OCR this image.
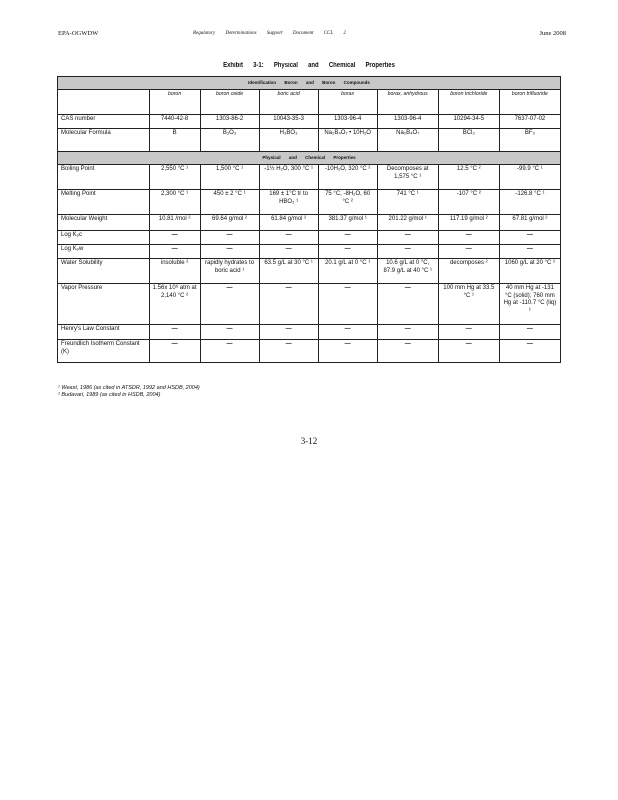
EPA-OGWDW	Regulatory Determinations Support Document CCL 2	June 2008
Exhibit 3-1: Physical and Chemical Properties
Identification Boron and Boron Compounds							
	boron	boron oxide	boric acid	borax	borax, anhydrous	boron trichloride	boron trifluoride
CAS number	7440-42-8	1303-86-2	10043-35-3	1303-96-4	1303-96-4	10294-34-5	7637-07-02
Molecular Formula	B	B₂O₃	H₃BO₃	Na₂B₄O₇ • 10H₂O	Na₂B₄O₇	BCl₃	BF₃
Physical and Chemical Properties							
Boiling Point	2,550 °C ¹	1,500 °C ¹	-1½ H₂O, 300 °C ¹	-10H₂O, 320 °C ²	Decomposes at 1,575 °C ¹	12.5 °C ²	-99.9 °C ¹
Melting Point	2,300 °C ¹	450 ± 2 °C ¹	169 ± 1°C tr to HBO₂ ¹	75 °C, -8H₂O, 60 °C ²	741 °C ¹	-107 °C ²	-126.8 °C ¹
Molecular Weight	10.81 /mol ²	69.64 g/mol ²	61.84 g/mol ²	381.37 g/mol ¹	201.22 g/mol ¹	117.19 g/mol ²	67.81 g/mol ²
Log Kₒc	—	—	—	—	—	—	—
Log Kₒw	—	—	—	—	—	—	—
Water Solubility	insoluble ²	rapidly hydrates to boric acid ¹	63.5 g/L at 30 °C ¹	20.1 g/L at 0 °C ¹	10.6 g/L at 0 °C, 87.9 g/L at 40 °C ¹	decomposes ²	1060 g/L at 20 °C ²
Vapor Pressure	1.56x 10⁶ atm at 2,140 °C ²	—	—	—	—	100 mm Hg at 33.5 °C ¹	40 mm Hg at -131 °C (solid); 760 mm Hg at -110.7 °C (liq) ¹
Henry's Law Constant	—	—	—	—	—	—	—
Freundlich Isotherm Constant (K)	—	—	—	—	—	—	—
¹ Weast, 1986 (as cited in ATSDR, 1992 and HSDB, 2004)
² Budavari, 1989 (as cited in HSDB, 2004)
3-12
